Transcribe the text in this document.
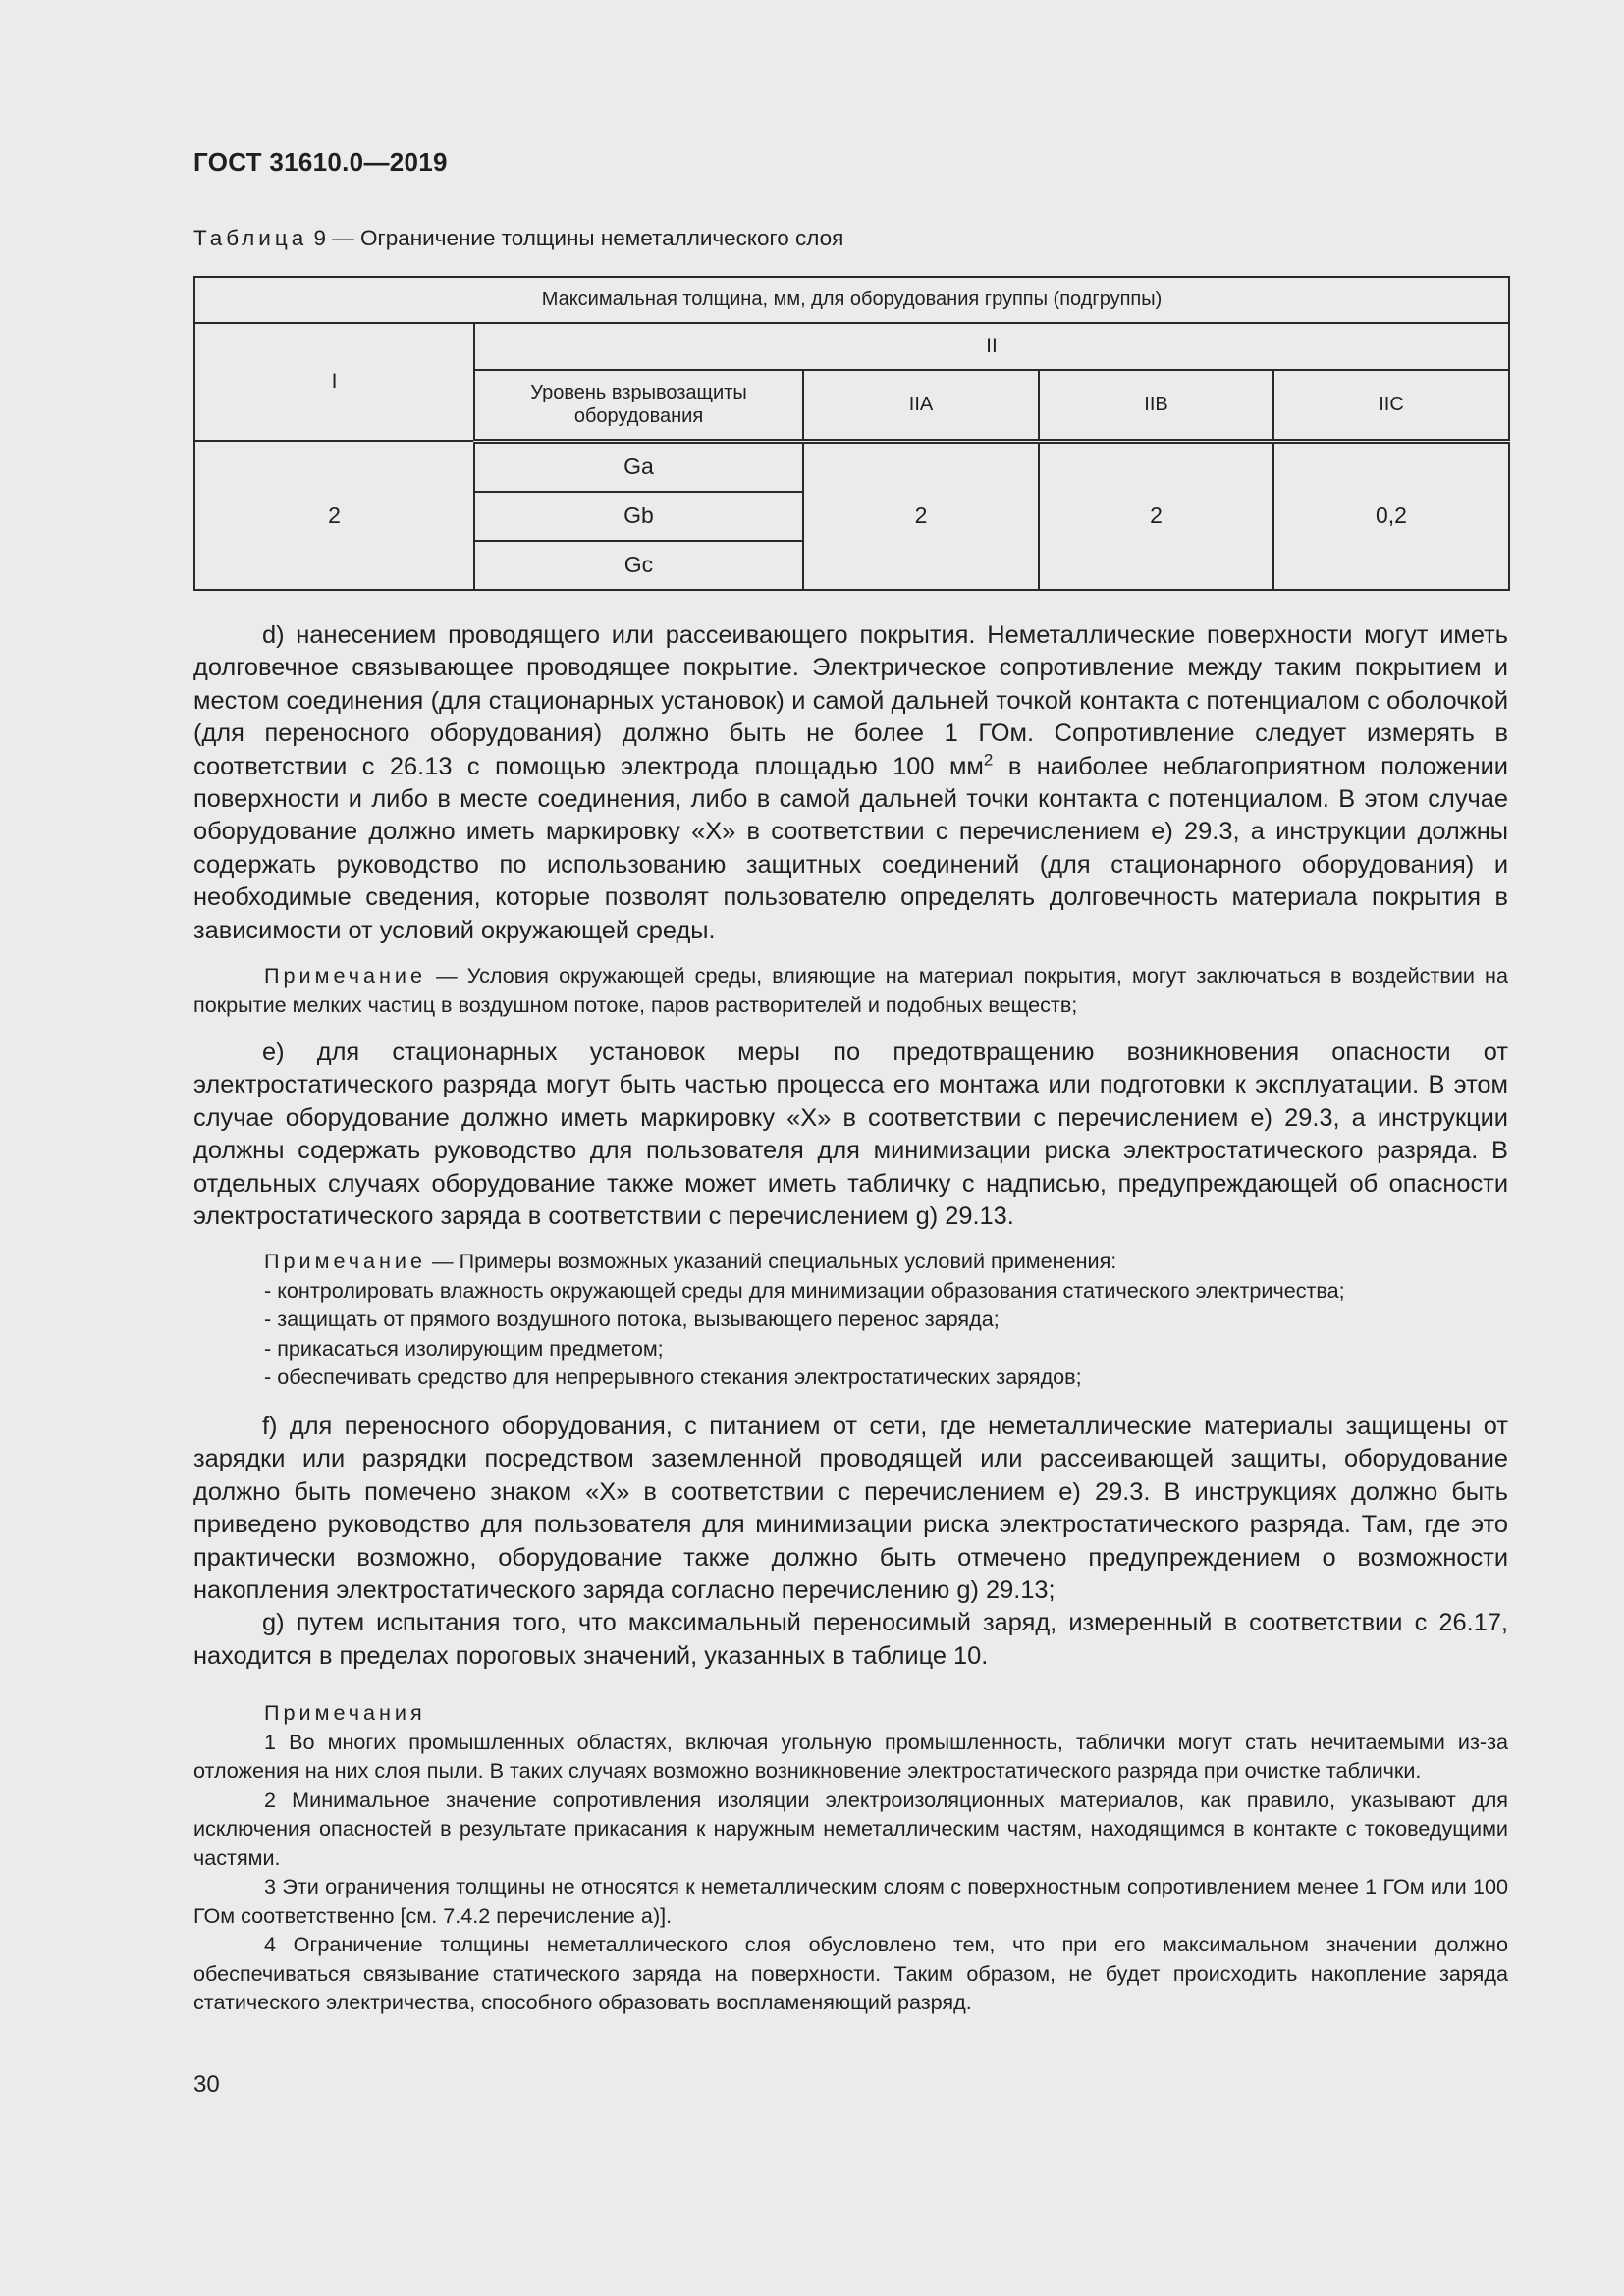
ГОСТ 31610.0—2019
Таблица 9 — Ограничение толщины неметаллического слоя
Максимальная толщина, мм, для оборудования группы (подгруппы)				
I	II			
	Уровень взрывозащиты оборудования	IIA	IIB	IIC
2	Ga	2	2	0,2
	Gb			
	Gc			

d) нанесением проводящего или рассеивающего покрытия. Неметаллические поверхности могут иметь долговечное связывающее проводящее покрытие. Электрическое сопротивление между таким покрытием и местом соединения (для стационарных установок) и самой дальней точкой контакта с потенциалом с оболочкой (для переносного оборудования) должно быть не более 1 ГОм. Сопротивление следует измерять в соответствии с 26.13 с помощью электрода площадью 100 $мм^2$ в наиболее неблагоприятном положении поверхности и либо в месте соединения, либо в самой дальней точки контакта с потенциалом. В этом случае оборудование должно иметь маркировку «X» в соответствии с перечислением е) 29.3, а инструкции должны содержать руководство по использованию защитных соединений (для стационарного оборудования) и необходимые сведения, которые позволят пользователю определять долговечность материала покрытия в зависимости от условий окружающей среды.

Примечание — Условия окружающей среды, влияющие на материал покрытия, могут заключаться в воздействии на покрытие мелких частиц в воздушном потоке, паров растворителей и подобных веществ;

е) для стационарных установок меры по предотвращению возникновения опасности от электростатического разряда могут быть частью процесса его монтажа или подготовки к эксплуатации. В этом случае оборудование должно иметь маркировку «X» в соответствии с перечислением е) 29.3, а инструкции должны содержать руководство для пользователя для минимизации риска электростатического разряда. В отдельных случаях оборудование также может иметь табличку с надписью, предупреждающей об опасности электростатического заряда в соответствии с перечислением g) 29.13.

Примечание — Примеры возможных указаний специальных условий применения:

- контролировать влажность окружающей среды для минимизации образования статического электричества;

- защищать от прямого воздушного потока, вызывающего перенос заряда;

- прикасаться изолирующим предметом;

- обеспечивать средство для непрерывного стекания электростатических зарядов;

f) для переносного оборудования, с питанием от сети, где неметаллические материалы защищены от зарядки или разрядки посредством заземленной проводящей или рассеивающей защиты, оборудование должно быть помечено знаком «X» в соответствии с перечислением е) 29.3. В инструкциях должно быть приведено руководство для пользователя для минимизации риска электростатического разряда. Там, где это практически возможно, оборудование также должно быть отмечено предупреждением о возможности накопления электростатического заряда согласно перечислению g) 29.13;

g) путем испытания того, что максимальный переносимый заряд, измеренный в соответствии с 26.17, находится в пределах пороговых значений, указанных в таблице 10.

Примечания

1 Во многих промышленных областях, включая угольную промышленность, таблички могут стать нечитаемыми из-за отложения на них слоя пыли. В таких случаях возможно возникновение электростатического разряда при очистке таблички.

2 Минимальное значение сопротивления изоляции электроизоляционных материалов, как правило, указывают для исключения опасностей в результате прикасания к наружным неметаллическим частям, находящимся в контакте с токоведущими частями.

3 Эти ограничения толщины не относятся к неметаллическим слоям с поверхностным сопротивлением менее 1 ГОм или 100 ГОм соответственно [см. 7.4.2 перечисление а)].

4 Ограничение толщины неметаллического слоя обусловлено тем, что при его максимальном значении должно обеспечиваться связывание статического заряда на поверхности. Таким образом, не будет происходить накопление заряда статического электричества, способного образовать воспламеняющий разряд.

30
